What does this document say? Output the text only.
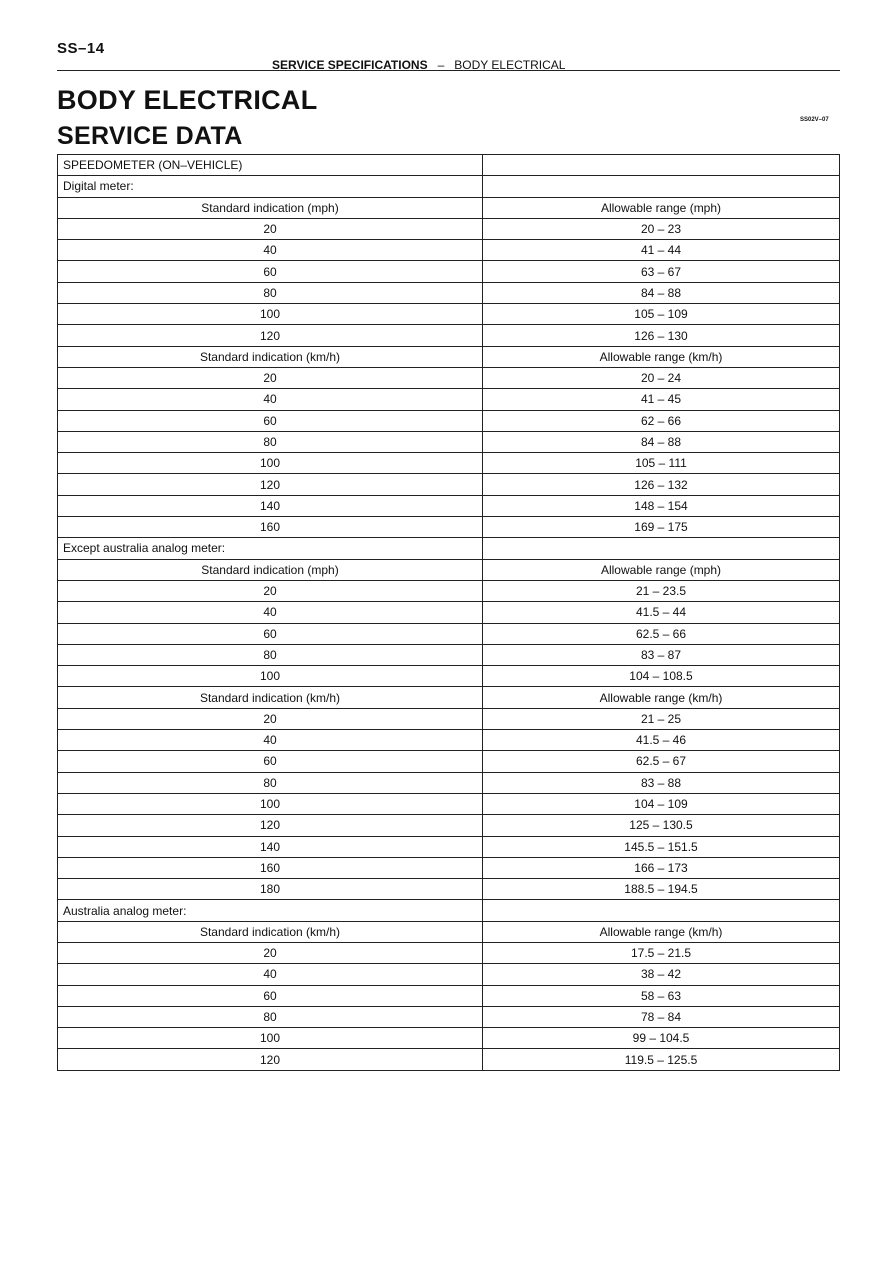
SS–14
SERVICE SPECIFICATIONS – BODY ELECTRICAL
BODY ELECTRICAL
SERVICE DATA
SS02V–07
SPEEDOMETER (ON–VEHICLE)	
Digital meter:	
Standard indication (mph)	Allowable range (mph)
20	20 – 23
40	41 – 44
60	63 – 67
80	84 – 88
100	105 – 109
120	126 – 130
Standard indication (km/h)	Allowable range (km/h)
20	20 – 24
40	41 – 45
60	62 – 66
80	84 – 88
100	105 – 111
120	126 – 132
140	148 – 154
160	169 – 175
Except australia analog meter:	
Standard indication (mph)	Allowable range (mph)
20	21 – 23.5
40	41.5 – 44
60	62.5 – 66
80	83 – 87
100	104 – 108.5
Standard indication (km/h)	Allowable range (km/h)
20	21 – 25
40	41.5 – 46
60	62.5 – 67
80	83 – 88
100	104 – 109
120	125 – 130.5
140	145.5 – 151.5
160	166 – 173
180	188.5 – 194.5
Australia analog meter:	
Standard indication (km/h)	Allowable range (km/h)
20	17.5 – 21.5
40	38 – 42
60	58 – 63
80	78 – 84
100	99 – 104.5
120	119.5 – 125.5
